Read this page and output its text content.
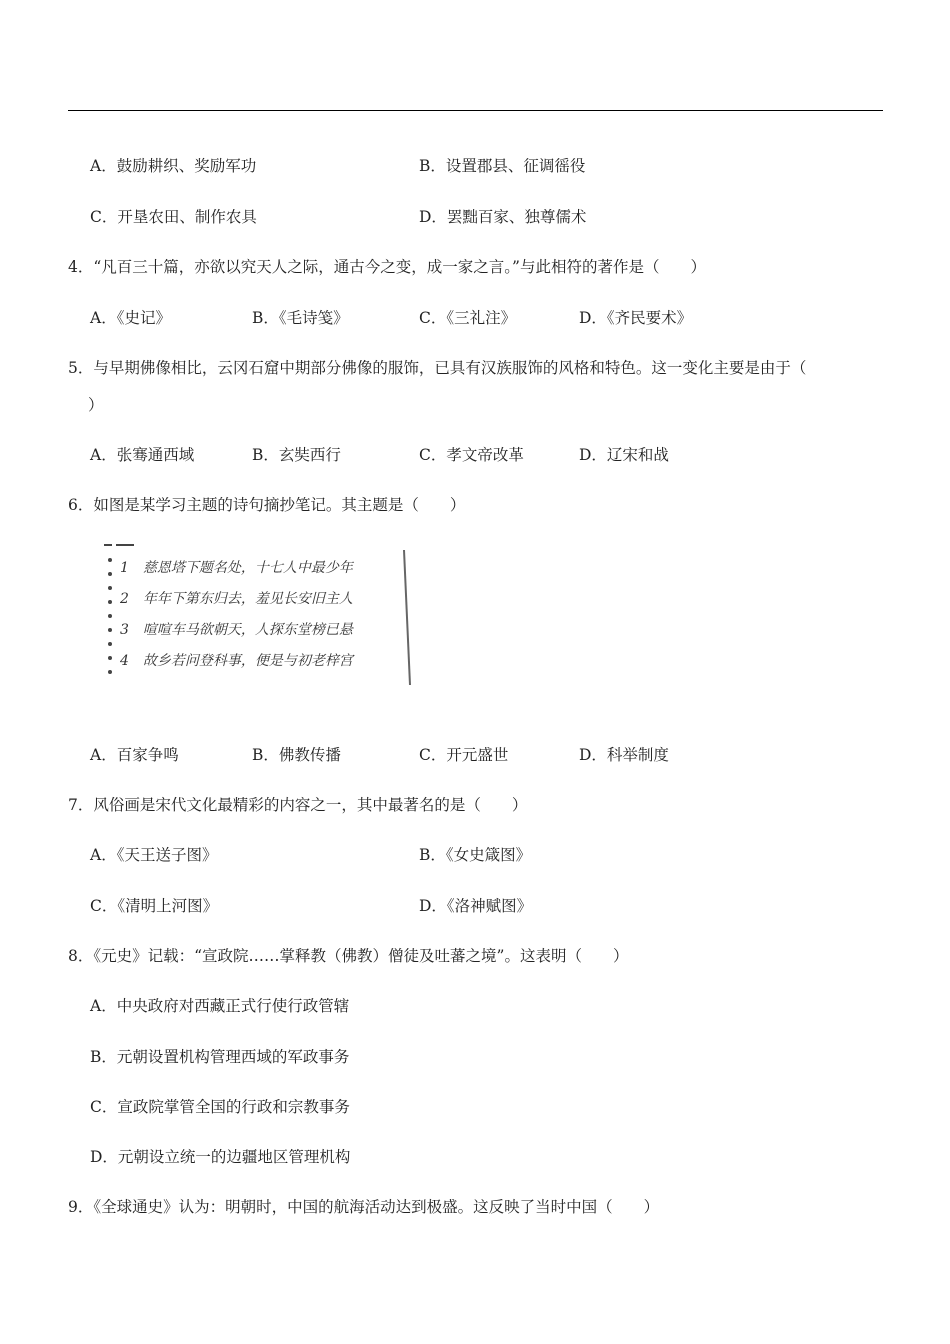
A．鼓励耕织、奖励军功	B．设置郡县、征调徭役
C．开垦农田、制作农具	D．罢黜百家、独尊儒术
4．“凡百三十篇，亦欲以究天人之际，通古今之变，成一家之言。”与此相符的著作是（　　）
A．《史记》	B．《毛诗笺》	C．《三礼注》	D．《齐民要术》
5．与早期佛像相比，云冈石窟中期部分佛像的服饰，已具有汉族服饰的风格和特色。这一变化主要是由于（
）
A．张骞通西域	B．玄奘西行	C．孝文帝改革	D．辽宋和战
6．如图是某学习主题的诗句摘抄笔记。其主题是（　　）
1　慈恩塔下题名处，十七人中最少年
2　年年下第东归去，羞见长安旧主人
3　喧喧车马欲朝天，人探东堂榜已悬
4　故乡若问登科事，便是与初老梓宫
A．百家争鸣	B．佛教传播	C．开元盛世	D．科举制度
7．风俗画是宋代文化最精彩的内容之一，其中最著名的是（　　）
A．《天王送子图》	B．《女史箴图》
C．《清明上河图》	D．《洛神赋图》
8．《元史》记载：“宣政院……掌释教（佛教）僧徒及吐蕃之境”。这表明（　　）
A．中央政府对西藏正式行使行政管辖
B．元朝设置机构管理西域的军政事务
C．宣政院掌管全国的行政和宗教事务
D．元朝设立统一的边疆地区管理机构
9．《全球通史》认为：明朝时，中国的航海活动达到极盛。这反映了当时中国（　　）
